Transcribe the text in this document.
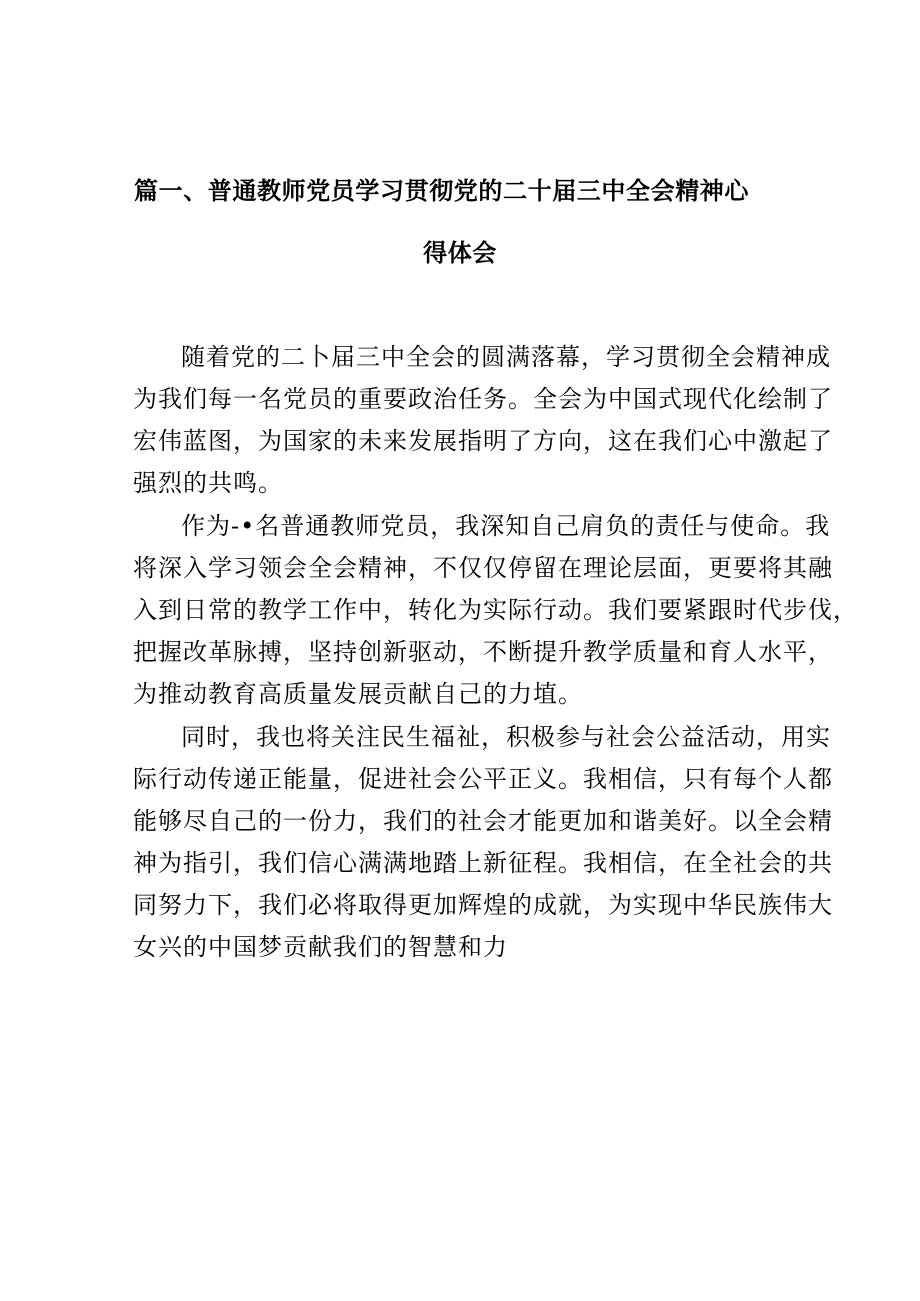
篇一、普通教师党员学习贯彻党的二十届三中全会精神心
得体会
随着党的二卜届三中全会的圆满落幕，学习贯彻全会精神成
为我们每一名党员的重要政治任务。全会为中国式现代化绘制了
宏伟蓝图，为国家的未来发展指明了方向，这在我们心中激起了
强烈的共鸣。
作为-•名普通教师党员，我深知自己肩负的责任与使命。我
将深入学习领会全会精神，不仅仅停留在理论层面，更要将其融
入到日常的教学工作中，转化为实际行动。我们要紧跟时代步伐，
把握改革脉搏，坚持创新驱动，不断提升教学质量和育人水平，
为推动教育高质量发展贡献自己的力埴。
同时，我也将关注民生福祉，积极参与社会公益活动，用实
际行动传递正能量，促进社会公平正义。我相信，只有每个人都
能够尽自己的一份力，我们的社会才能更加和谐美好。以全会精
神为指引，我们信心满满地踏上新征程。我相信，在全社会的共
同努力下，我们必将取得更加辉煌的成就，为实现中华民族伟大
女兴的中国梦贡献我们的智慧和力
